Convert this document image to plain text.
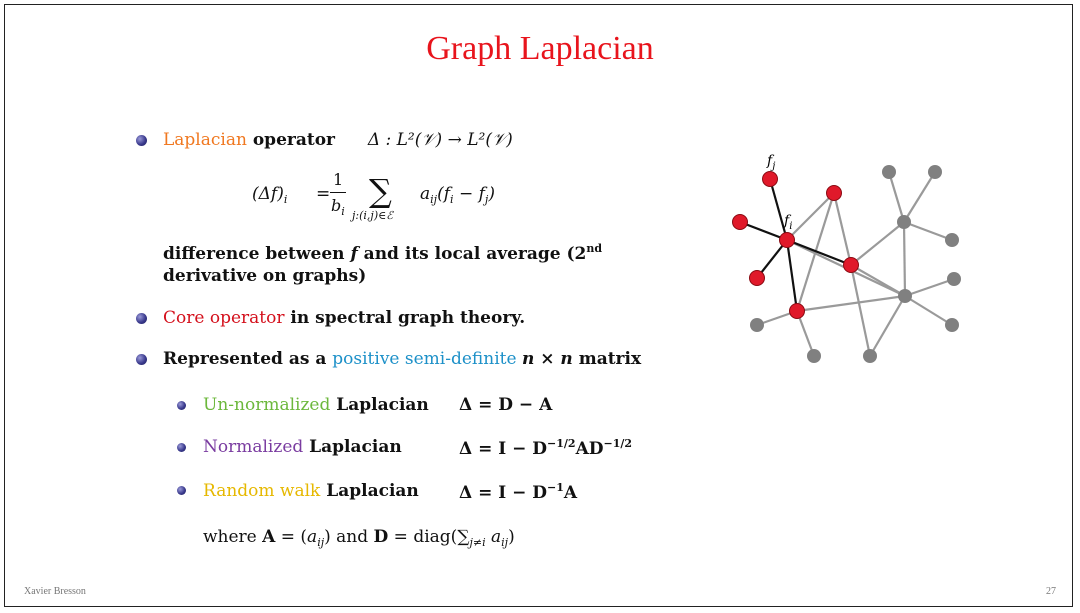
Graph Laplacian
Laplacian operator Δ : L²(𝒱) → L²(𝒱)
$(\Delta f)_i$ =
1
$b_i$
∑
j:(i,j)∈ℰ
$a_{ij}(f_i - f_j)$
difference between f and its local average (2nd
derivative on graphs)
Core operator in spectral graph theory.
Represented as a positive semi-definite n × n matrix
Un-normalized Laplacian Δ = D − A
Normalized Laplacian	$\Delta = I - D^{-1/2}AD^{-1/2}$
Random walk Laplacian $\Delta = I - D^{-1}A$
where $A = (a_{ij})$ and $D = diag(\sum_{j\ne i}$ $a_{ij}$)
$f_j$
$f_i$
Xavier Bresson	27
